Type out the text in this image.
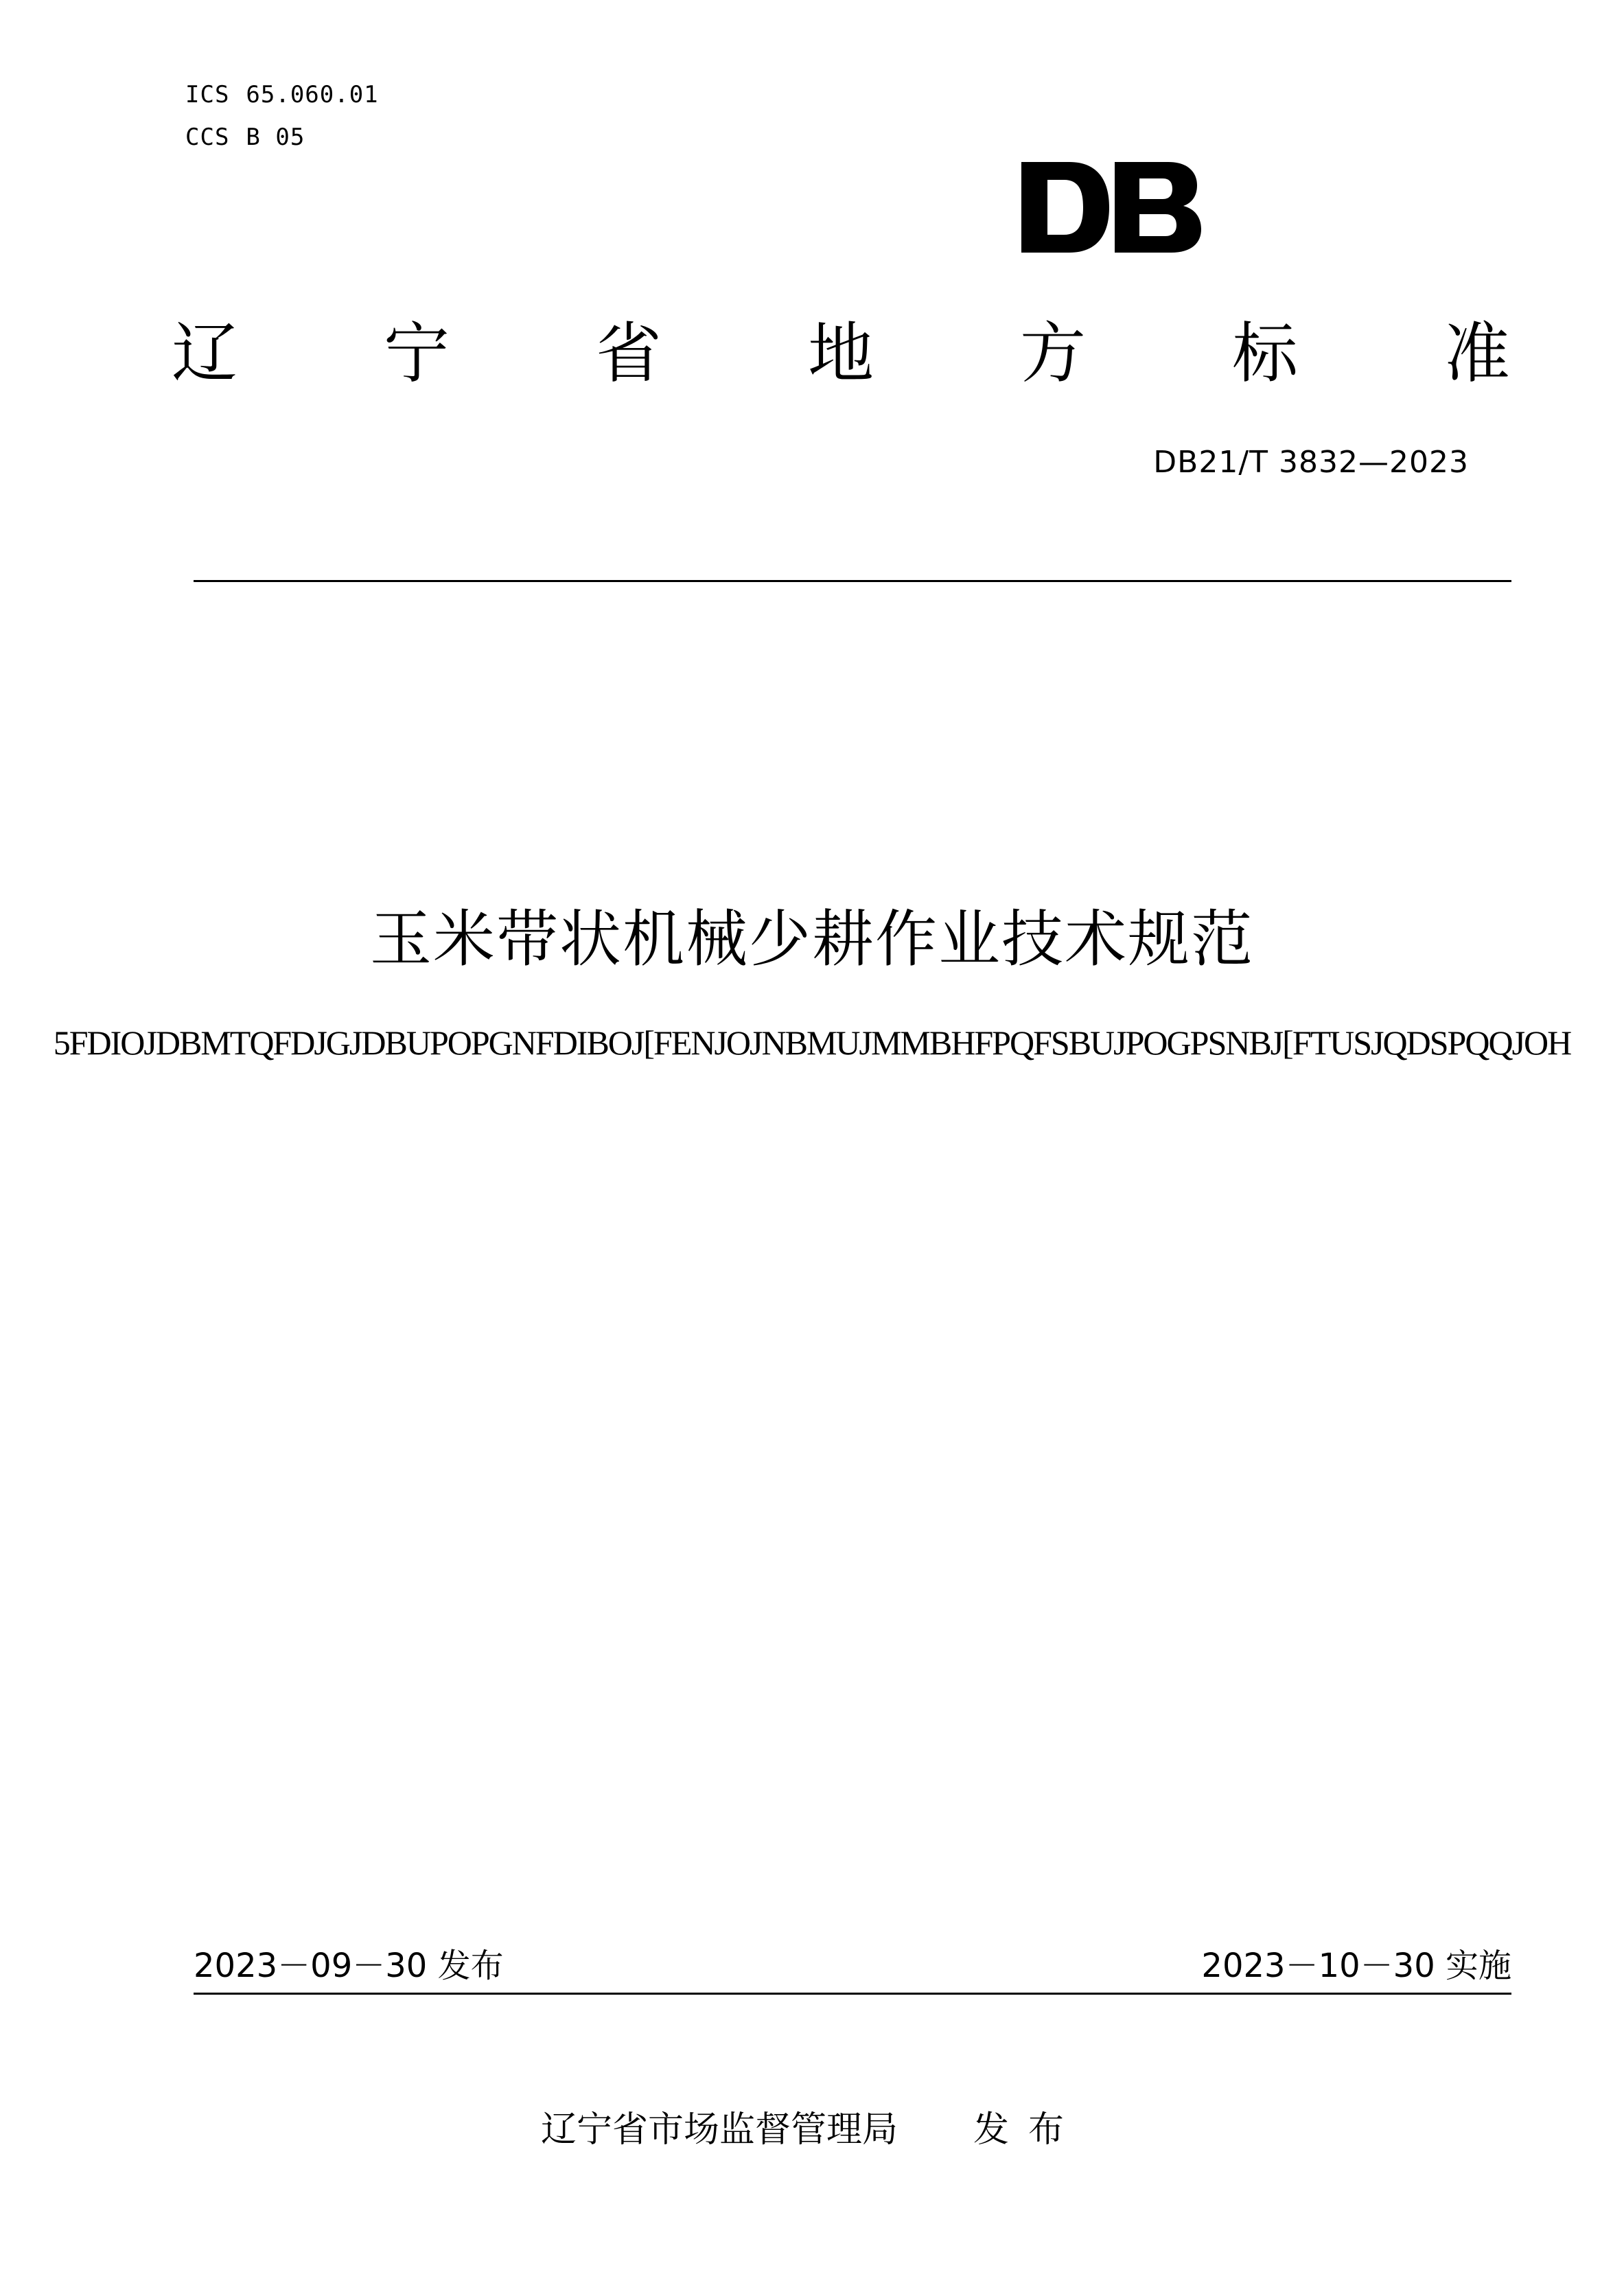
ICS 65.060.01
CCS B 05
辽 宁 省 地 方 标 准
DB21/T 3832—2023
玉米带状机械少耕作业技术规范
5FDIOJDBMTQFDJGJDBUPOPGNFDIBOJ[FENJOJNBMUJMMBHFPQFSBUJPOGPSNBJ[FTUSJQDSPQQJOH
2023－09－30 发布	2023－10－30 实施
辽宁省市场监督管理局 发布
